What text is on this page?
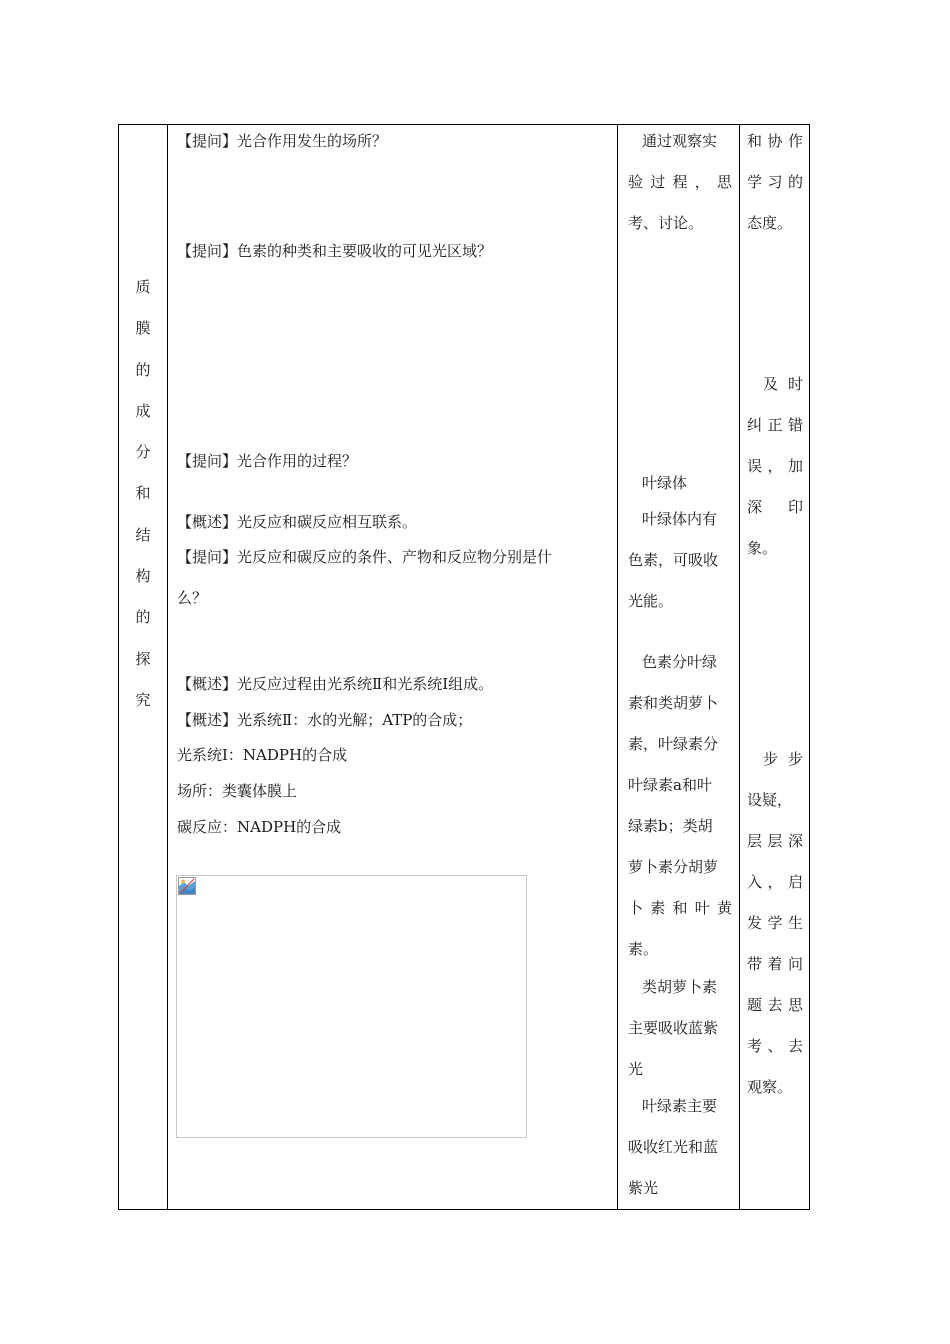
质
膜
的
成
分
和
结
构
的
探
究
【提问】光合作用发生的场所？
【提问】色素的种类和主要吸收的可见光区域？
【提问】光合作用的过程？
【概述】光反应和碳反应相互联系。
【提问】光反应和碳反应的条件、产物和反应物分别是什
么？
【概述】光反应过程由光系统Ⅱ和光系统Ⅰ组成。
【概述】光系统Ⅱ：水的光解；ATP的合成；
光系统Ⅰ：NADPH的合成
场所：类囊体膜上
碳反应：NADPH的合成
通过观察实
验过程，思
考、讨论。
叶绿体
叶绿体内有
色素，可吸收
光能。
色素分叶绿
素和类胡萝卜
素，叶绿素分
叶绿素a和叶
绿素b；类胡
萝卜素分胡萝
卜素和叶黄
素。
类胡萝卜素
主要吸收蓝紫
光
叶绿素主要
吸收红光和蓝
紫光
和协作
学习的
态度。
及时
纠正错
误，加
深印
象。
步步
设疑，
层层深
入，启
发学生
带着问
题去思
考、去
观察。
